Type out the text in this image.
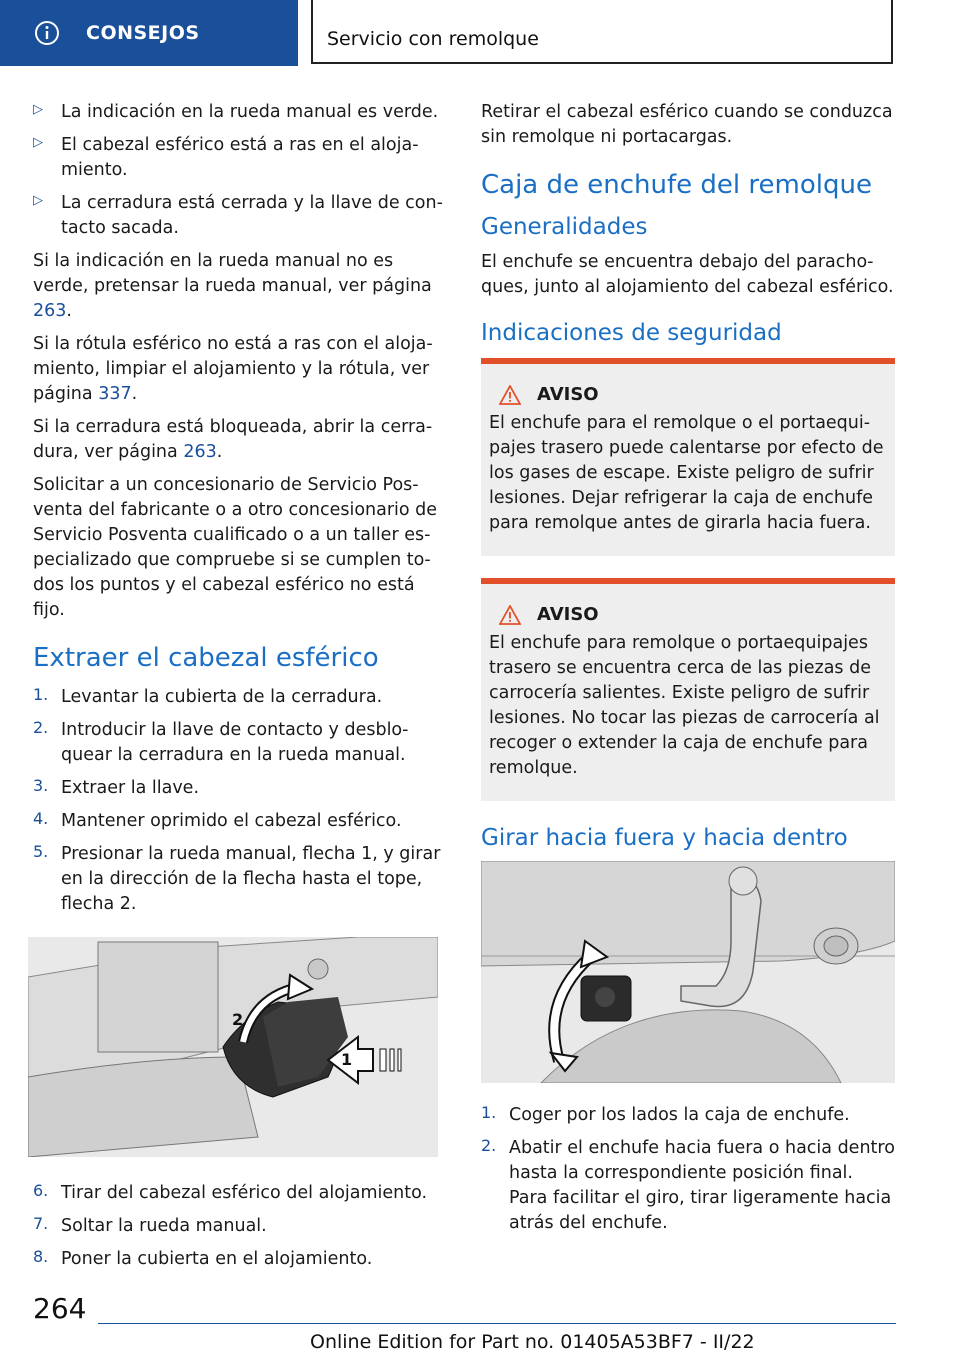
CONSEJOS	Servicio con remolque
▷	La indicación en la rueda manual es verde.
▷	El cabezal esférico está a ras en el alojamiento.
▷	La cerradura está cerrada y la llave de contacto sacada.

Si la indicación en la rueda manual no es verde, pretensar la rueda manual, ver página 263.

Si la rótula esférico no está a ras con el alojamiento, limpiar el alojamiento y la rótula, ver página 337.

Si la cerradura está bloqueada, abrir la cerradura, ver página 263.

Solicitar a un concesionario de Servicio Posventa del fabricante o a otro concesionario de Servicio Posventa cualificado o a un taller especializado que compruebe si se cumplen todos los puntos y el cabezal esférico no está fijo.

Extraer el cabezal esférico
1. Levantar la cubierta de la cerradura.
2. Introducir la llave de contacto y desbloquear la cerradura en la rueda manual.
3. Extraer la llave.
4. Mantener oprimido el cabezal esférico.
5. Presionar la rueda manual, flecha 1, y girar en la dirección de la flecha hasta el tope, flecha 2.
1
2
6. Tirar del cabezal esférico del alojamiento.
7. Soltar la rueda manual.
8. Poner la cubierta en el alojamiento.

Retirar el cabezal esférico cuando se conduzca sin remolque ni portacargas.

Caja de enchufe del remolque
Generalidades

El enchufe se encuentra debajo del parachoques, junto al alojamiento del cabezal esférico.

Indicaciones de seguridad
AVISO

El enchufe para el remolque o el portaequipajes trasero puede calentarse por efecto de los gases de escape. Existe peligro de sufrir lesiones. Dejar refrigerar la caja de enchufe para remolque antes de girarla hacia fuera.

AVISO

El enchufe para remolque o portaequipajes trasero se encuentra cerca de las piezas de carrocería salientes. Existe peligro de sufrir lesiones. No tocar las piezas de carrocería al recoger o extender la caja de enchufe para remolque.

Girar hacia fuera y hacia dentro
1. Coger por los lados la caja de enchufe.
2. Abatir el enchufe hacia fuera o hacia dentro hasta la correspondiente posición final. Para facilitar el giro, tirar ligeramente hacia atrás del enchufe.
264
Online Edition for Part no. 01405A53BF7 - II/22
